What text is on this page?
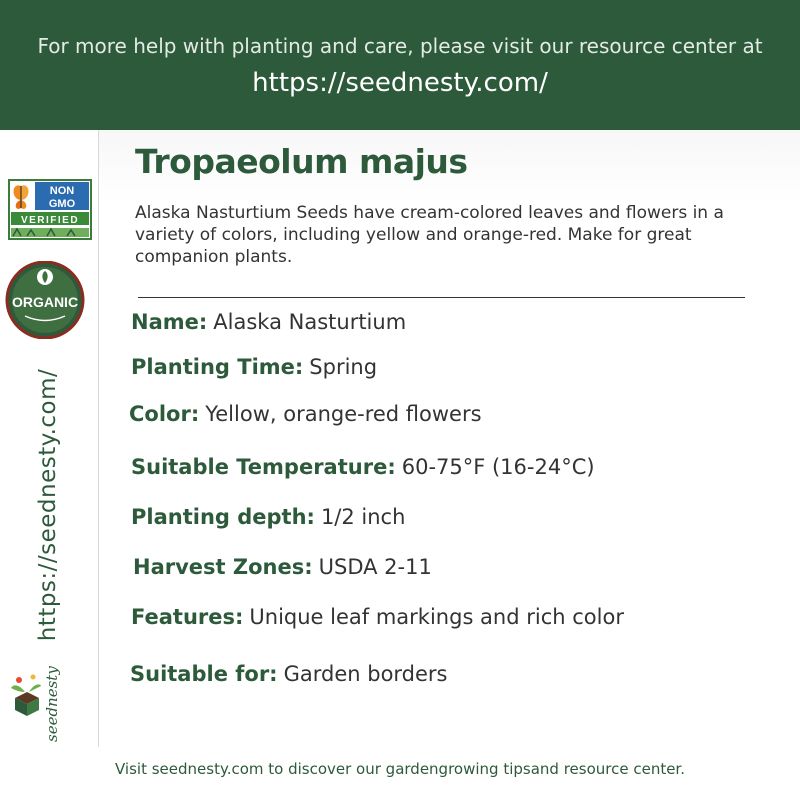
For more help with planting and care, please visit our resource center at
https://seednesty.com/
NON
GMO
VERIFIED
ORGANIC
https://seednesty.com/
seednesty
Tropaeolum majus
Alaska Nasturtium Seeds have cream-colored leaves and flowers in a variety of colors, including yellow and orange-red. Make for great companion plants.
Name: Alaska Nasturtium
Planting Time: Spring
Color: Yellow, orange-red flowers
Suitable Temperature: 60-75°F (16-24°C)
Planting depth: 1/2 inch
Harvest Zones: USDA 2-11
Features: Unique leaf markings and rich color
Suitable for: Garden borders
Visit seednesty.com to discover our gardengrowing tipsand resource center.
